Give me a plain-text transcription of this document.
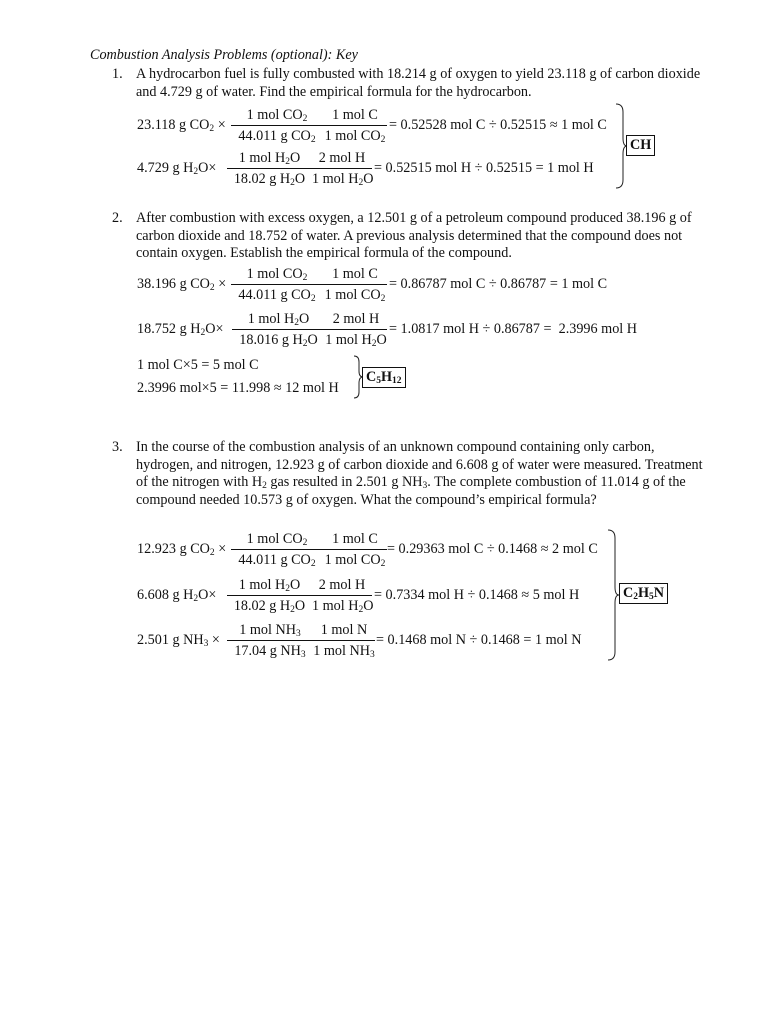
Combustion Analysis Problems (optional): Key
1. A hydrocarbon fuel is fully combusted with 18.214 g of oxygen to yield 23.118 g of carbon dioxide and 4.729 g of water. Find the empirical formula for the hydrocarbon.
23.118 g $CO_2$ ×
1 mol $CO_2$
44.011 g $CO_2$
1 mol C
1 mol $CO_2$
= 0.52528 mol C ÷ 0.52515 ≈ 1 mol C
4.729 g $H_2O\times$
1 mol $H_2O$
18.02 g $H_2O$
2 mol H
1 mol $H_2O$
= 0.52515 mol H ÷ 0.52515 = 1 mol H
CH
2. After combustion with excess oxygen, a 12.501 g of a petroleum compound produced 38.196 g of carbon dioxide and 18.752 of water. A previous analysis determined that the compound does not contain oxygen. Establish the empirical formula of the compound.
38.196 g $CO_2$ ×
1 mol $CO_2$
44.011 g $CO_2$
1 mol C
1 mol $CO_2$
= 0.86787 mol C ÷ 0.86787 = 1 mol C
18.752 g $H_2O\times$
1 mol $H_2O$
18.016 g $H_2O$
2 mol H
1 mol $H_2O$
= 1.0817 mol H ÷ 0.86787 =  2.3996 mol H
1 mol C×5 = 5 mol C
2.3996 mol×5 = 11.998 ≈ 12 mol H
$C_5H_{12}$
3. In the course of the combustion analysis of an unknown compound containing only carbon, hydrogen, and nitrogen, 12.923 g of carbon dioxide and 6.608 g of water were measured. Treatment of the nitrogen with $H_2$ gas resulted in 2.501 g $NH_3$. The complete combustion of 11.014 g of the compound needed 10.573 g of oxygen. What the compound’s empirical formula?
12.923 g $CO_2$ ×
1 mol $CO_2$
44.011 g $CO_2$
1 mol C
1 mol $CO_2$
= 0.29363 mol C ÷ 0.1468 ≈ 2 mol C
6.608 g $H_2O\times$
1 mol $H_2O$
18.02 g $H_2O$
2 mol H
1 mol $H_2O$
= 0.7334 mol H ÷ 0.1468 ≈ 5 mol H
2.501 g $NH_3$ ×
1 mol $NH_3$
17.04 g $NH_3$
1 mol N
1 mol $NH_3$
= 0.1468 mol N ÷ 0.1468 = 1 mol N
$C_2H_5N$
